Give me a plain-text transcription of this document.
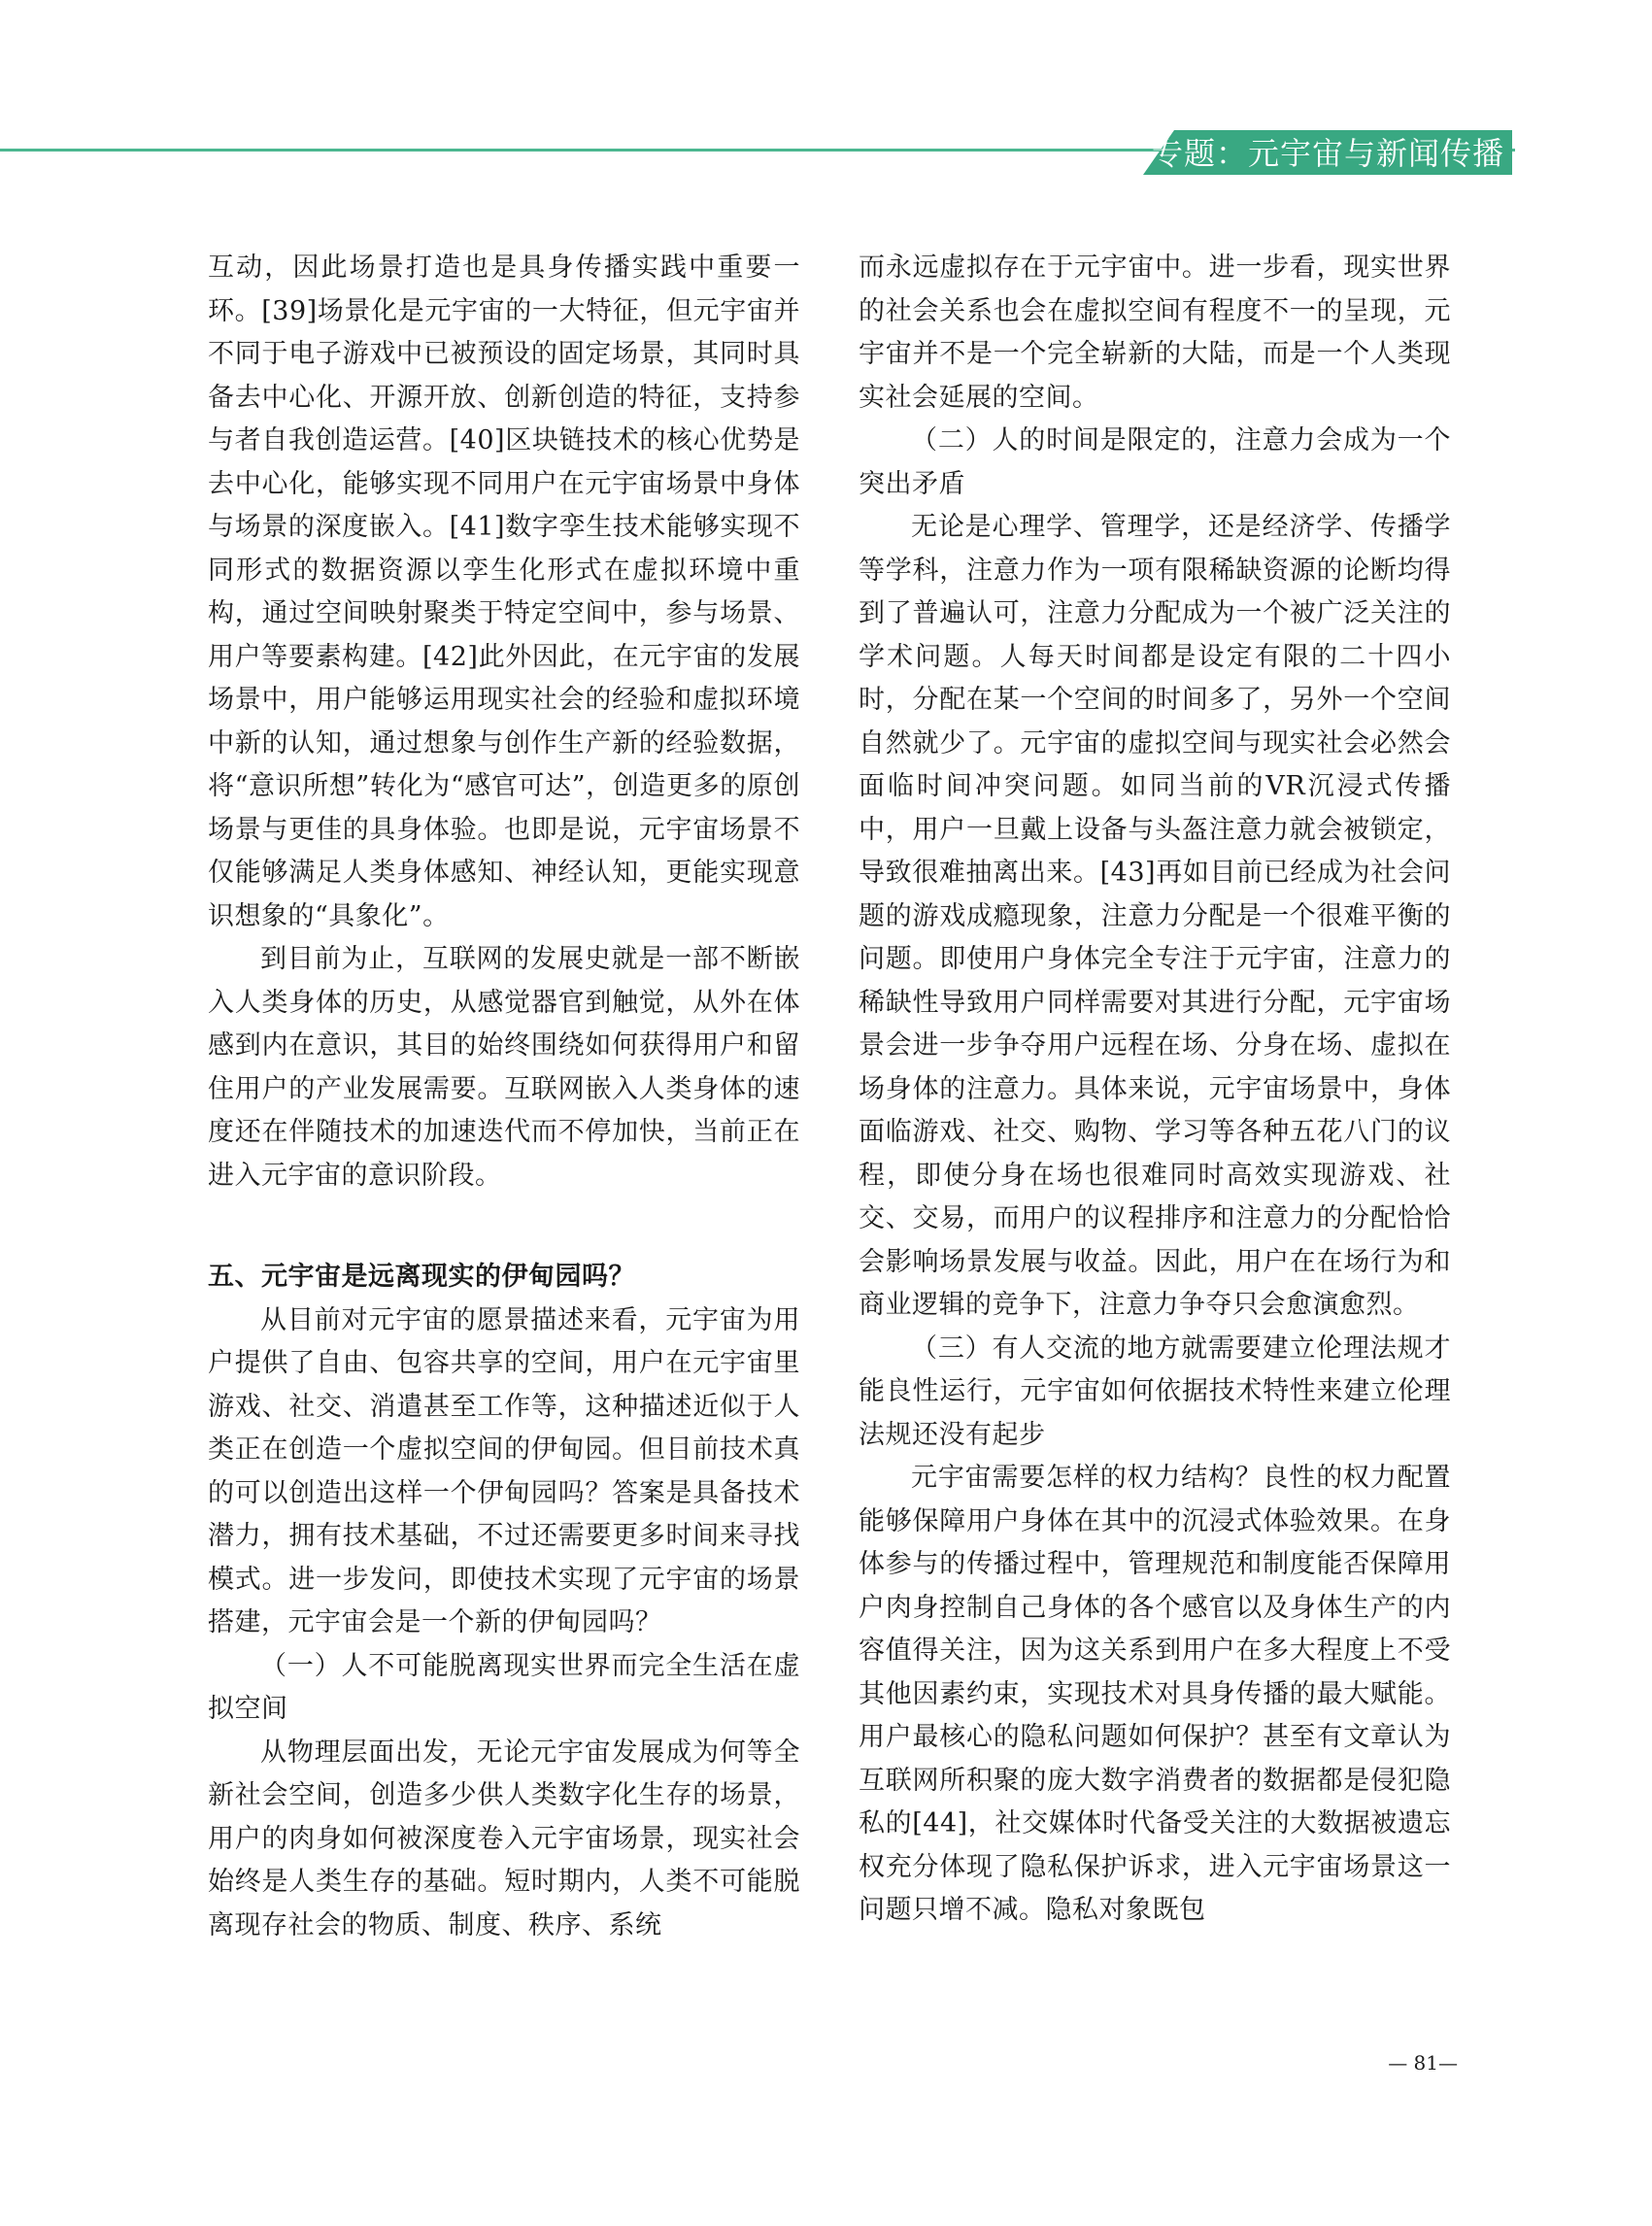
专题：元宇宙与新闻传播

互动，因此场景打造也是具身传播实践中重要一环。[39]场景化是元宇宙的一大特征，但元宇宙并不同于电子游戏中已被预设的固定场景，其同时具备去中心化、开源开放、创新创造的特征，支持参与者自我创造运营。[40]区块链技术的核心优势是去中心化，能够实现不同用户在元宇宙场景中身体与场景的深度嵌入。[41]数字孪生技术能够实现不同形式的数据资源以孪生化形式在虚拟环境中重构，通过空间映射聚类于特定空间中，参与场景、用户等要素构建。[42]此外因此，在元宇宙的发展场景中，用户能够运用现实社会的经验和虚拟环境中新的认知，通过想象与创作生产新的经验数据，将“意识所想”转化为“感官可达”，创造更多的原创场景与更佳的具身体验。也即是说，元宇宙场景不仅能够满足人类身体感知、神经认知，更能实现意识想象的“具象化”。

到目前为止，互联网的发展史就是一部不断嵌入人类身体的历史，从感觉器官到触觉，从外在体感到内在意识，其目的始终围绕如何获得用户和留住用户的产业发展需要。互联网嵌入人类身体的速度还在伴随技术的加速迭代而不停加快，当前正在进入元宇宙的意识阶段。

五、元宇宙是远离现实的伊甸园吗？

从目前对元宇宙的愿景描述来看，元宇宙为用户提供了自由、包容共享的空间，用户在元宇宙里游戏、社交、消遣甚至工作等，这种描述近似于人类正在创造一个虚拟空间的伊甸园。但目前技术真的可以创造出这样一个伊甸园吗？答案是具备技术潜力，拥有技术基础，不过还需要更多时间来寻找模式。进一步发问，即使技术实现了元宇宙的场景搭建，元宇宙会是一个新的伊甸园吗？

（一）人不可能脱离现实世界而完全生活在虚拟空间

从物理层面出发，无论元宇宙发展成为何等全新社会空间，创造多少供人类数字化生存的场景，用户的肉身如何被深度卷入元宇宙场景，现实社会始终是人类生存的基础。短时期内，人类不可能脱离现存社会的物质、制度、秩序、系统

而永远虚拟存在于元宇宙中。进一步看，现实世界的社会关系也会在虚拟空间有程度不一的呈现，元宇宙并不是一个完全崭新的大陆，而是一个人类现实社会延展的空间。

（二）人的时间是限定的，注意力会成为一个突出矛盾

无论是心理学、管理学，还是经济学、传播学等学科，注意力作为一项有限稀缺资源的论断均得到了普遍认可，注意力分配成为一个被广泛关注的学术问题。人每天时间都是设定有限的二十四小时，分配在某一个空间的时间多了，另外一个空间自然就少了。元宇宙的虚拟空间与现实社会必然会面临时间冲突问题。如同当前的VR沉浸式传播中，用户一旦戴上设备与头盔注意力就会被锁定，导致很难抽离出来。[43]再如目前已经成为社会问题的游戏成瘾现象，注意力分配是一个很难平衡的问题。即使用户身体完全专注于元宇宙，注意力的稀缺性导致用户同样需要对其进行分配，元宇宙场景会进一步争夺用户远程在场、分身在场、虚拟在场身体的注意力。具体来说，元宇宙场景中，身体面临游戏、社交、购物、学习等各种五花八门的议程，即使分身在场也很难同时高效实现游戏、社交、交易，而用户的议程排序和注意力的分配恰恰会影响场景发展与收益。因此，用户在在场行为和商业逻辑的竞争下，注意力争夺只会愈演愈烈。

（三）有人交流的地方就需要建立伦理法规才能良性运行，元宇宙如何依据技术特性来建立伦理法规还没有起步

元宇宙需要怎样的权力结构？良性的权力配置能够保障用户身体在其中的沉浸式体验效果。在身体参与的传播过程中，管理规范和制度能否保障用户肉身控制自己身体的各个感官以及身体生产的内容值得关注，因为这关系到用户在多大程度上不受其他因素约束，实现技术对具身传播的最大赋能。用户最核心的隐私问题如何保护？甚至有文章认为互联网所积聚的庞大数字消费者的数据都是侵犯隐私的[44]，社交媒体时代备受关注的大数据被遗忘权充分体现了隐私保护诉求，进入元宇宙场景这一问题只增不减。隐私对象既包

— 81—
